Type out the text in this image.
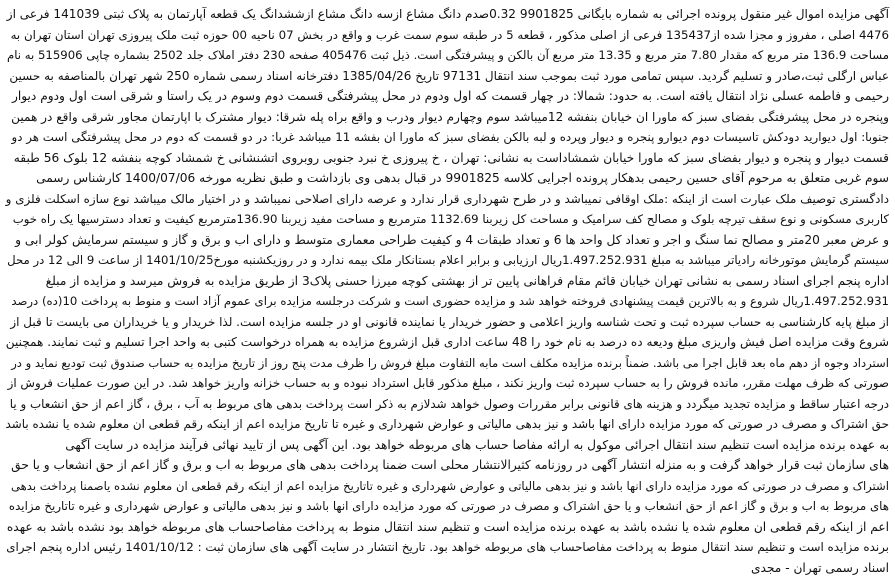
آگهی مزایده اموال غیر منقول پرونده اجرائی به شماره بایگانی 9901825 0.32صدم دانگ مشاع ازسه دانگ مشاع ازششدانگ یک قطعه آپارتمان به پلاک ثبتی 141039 فرعی از
4476 اصلی ، مفروز و مجزا شده از135437 فرعی از اصلی مذکور ، قطعه 5 در طبقه سوم سمت غرب و واقع در بخش 07 ناحیه 00 حوزه ثبت ملک پیروزی تهران استان تهران به
مساحت 136.9 متر مربع که مقدار 7.80 متر مربع و 13.35 متر مربع آن بالکن و پیشرفتگی است. ذیل ثبت 405476 صفحه 230 دفتر املاک جلد 2502 بشماره چاپی 515906 به نام
عباس ارگلی ثبت،صادر و تسلیم گردید. سپس تمامی مورد ثبت بموجب سند انتقال 97131 تاریخ 1385/04/26 دفترخانه اسناد رسمی شماره 250 شهر تهران بالمناصفه به حسین
رحیمی و فاطمه عسلی نژاد انتقال یافته است. به حدود: شمالا: در چهار قسمت که اول ودوم در محل پیشرفتگی قسمت دوم وسوم در یک راستا و شرقی است اول ودوم دیوار
وپنجره در محل پیشرفتگی بفضای سبز که ماورا ان خیابان بنفشه 12میباشد سوم وچهارم دیوار ودرب و واقع براه پله شرقا: دیوار مشترک با اپارتمان مجاور شرقی واقع در همین
جنوبا: اول دیوارید دودکش تاسیسات دوم دیوارو پنجره و دیوار وپرده و لبه بالکن بفضای سبز که ماورا ان بفشه 11 میباشد غربا: در دو قسمت که دوم در محل پیشرفتگی است هر دو
قسمت دیوار و پنجره و دیوار بفضای سبز که ماورا خیابان شمشاداست به نشانی: تهران ، خ پیروزی خ نبرد جنوبی روبروی اتشنشانی خ شمشاد کوچه بنفشه 12 بلوک 56 طبقه
سوم غربی متعلق به مرحوم آقای حسین رحیمی بدهکار پرونده اجرایی کلاسه 9901825 در قبال بدهی وی بازداشت و طبق نظریه مورخه 1400/07/06 کارشناس رسمی
دادگستری توصیف ملک عبارت است از اینکه :ملک اوقافی نمیباشد و در طرح شهرداری قرار ندارد و عرصه دارای اصلاحی نمیباشد و در اختیار مالک میباشد نوع سازه اسکلت فلزی و
کاربری مسکونی و نوع سقف تیرچه بلوک و مصالح کف سرامیک و مساحت کل زیربنا 1132.69 مترمربع و مساحت مفید زیربنا 136.90مترمربع کیفیت و تعداد دسترسیها یک راه خوب
و عرض معبر 20متر و مصالح نما سنگ و اجر و تعداد کل واحد ها 6 و تعداد طبقات 4 و کیفیت طراحی معماری متوسط و دارای اب و برق و گاز و سیستم سرمایش کولر ابی و
سیستم گرمایش موتورخانه رادیاتر میباشد به مبلغ 1.497.252.931ریال ارزیابی و برابر اعلام بستانکار ملک بیمه ندارد و در روزیکشنبه مورخ1401/10/25 از ساعت 9 الی 12 در محل
اداره پنجم اجرای اسناد رسمی به نشانی تهران خیابان قائم مقام فراهانی پایین تر از بهشتی کوچه میرزا حسنی پلاک3 از طریق مزایده به فروش میرسد و مزایده از مبلغ
1.497.252.931ریال شروع و به بالاترین قیمت پیشنهادی فروخته خواهد شد و مزایده حضوری است و شرکت درجلسه مزایده برای عموم آزاد است و منوط به پرداخت 10(ده) درصد
از مبلغ پایه کارشناسی به حساب سپرده ثبت و تحت شناسه واریز اعلامی و حضور خریدار یا نماینده قانونی او در جلسه مزایده است. لذا خریدار و یا خریداران می بایست تا قبل از
شروع وقت مزایده اصل فیش واریزی مبلغ ودیعه ده درصد به نام خود را 48 ساعت اداری قبل ازشروع مزایده به همراه درخواست کتبی به واحد اجرا تسلیم و ثبت نمایند. همچنین
استرداد وجوه از دهم ماه بعد قابل اجرا می باشد. ضمناً برنده مزایده مکلف است مابه التفاوت مبلغ فروش را ظرف مدت پنج روز از تاریخ مزایده به حساب صندوق ثبت تودیع نماید و در
صورتی که ظرف مهلت مقرر، مانده فروش را به حساب سپرده ثبت واریز نکند ، مبلغ مذکور قابل استرداد نبوده و به حساب خزانه واریز خواهد شد. در این صورت عملیات فروش از
درجه اعتبار ساقط و مزایده تجدید میگردد و هزینه های قانونی برابر مقررات وصول خواهد شدلازم به ذکر است پرداخت بدهی های مربوط به آب ، برق ، گاز اعم از حق انشعاب و یا
حق اشتراک و مصرف در صورتی که مورد مزایده دارای انها باشد و نیز بدهی مالیاتی و عوارض شهرداری و غیره تا تاریخ مزایده اعم از اینکه رقم قطعی ان معلوم شده یا نشده باشد
به عهده برنده مزایده است تنظیم سند انتقال اجرائی موکول به ارائه مفاصا حساب های مربوطه خواهد بود. این آگهی پس از تایید نهائی فرآیند مزایده در سایت آگهی
های سازمان ثبت قرار خواهد گرفت و به منزله انتشار آگهی در روزنامه کثیرالانتشار محلی است ضمنا پرداخت بدهی های مربوط به اب و برق و گاز اعم از حق انشعاب و یا حق
اشتراک و مصرف در صورتی که مورد مزایده دارای انها باشد و نیز بدهی مالیاتی و عوارض شهرداری و غیره تاتاریخ مزایده اعم از اینکه رقم قطعی ان معلوم نشده یاصمنا پرداخت بدهی
های مربوط به اب و برق و گاز اعم از حق انشعاب و یا حق اشتراک و مصرف در صورتی که مورد مزایده دارای انها باشد و نیز بدهی مالیاتی و عوارض شهرداری و غیره تاتاریخ مزایده
اعم از اینکه رقم قطعی ان معلوم شده یا نشده باشد به عهده برنده مزایده است و تنظیم سند انتقال منوط به پرداخت مفاصاحساب های مربوطه خواهد بود نشده باشد به عهده
برنده مزایده است و تنظیم سند انتقال منوط به پرداخت مفاصاحساب های مربوطه خواهد بود. تاریخ انتشار در سایت آگهی های سازمان ثبت : 1401/10/12 رئیس اداره پنجم اجرای
اسناد رسمی تهران - مجدی
